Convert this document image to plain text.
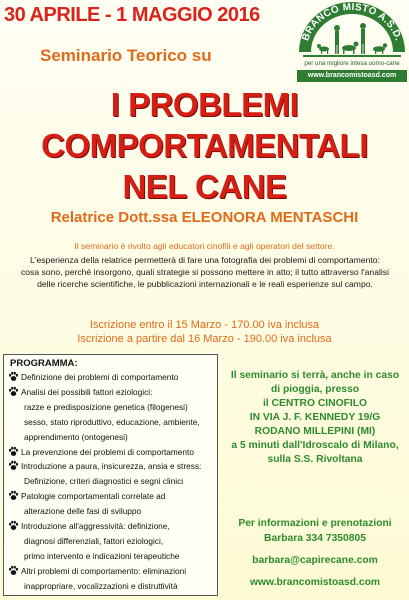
30 APRILE - 1 MAGGIO 2016
Seminario Teorico su
BRANCO MISTO A.S.D.
per una migliore intesa uomo-cane
www.brancomistoasd.com
I PROBLEMI
COMPORTAMENTALI
NEL CANE
Relatrice Dott.ssa ELEONORA MENTASCHI
Il seminario è rivolto agli educatori cinofili e agli operatori del settore.
L'esperienza della relatrice permetterà di fare una fotografia dei problemi di comportamento: cosa sono, perché insorgono, quali strategie si possono mettere in atto; il tutto attraverso l'analisi delle ricerche scientifiche, le pubblicazioni internazionali e le reali esperienze sul campo.
Iscrizione entro il 15 Marzo - 170.00 iva inclusa
Iscrizione a partire dal 16 Marzo - 190.00 iva inclusa
PROGRAMMA:
Definizione dei problemi di comportamento
Analisi dei possibili fattori eziologici:
razze e predisposizione genetica (filogenesi)
sesso, stato riproduttivo, educazione, ambiente,
apprendimento (ontogenesi)
La prevenzione dei problemi di comportamento
Introduzione a paura, insicurezza, ansia e stress:
Definizione, criteri diagnostici e segni clinici
Patologie comportamentali correlate ad
alterazione delle fasi di sviluppo
Introduzione all'aggressività: definizione,
diagnosi differenziali, fattori eziologici,
primo intervento e indicazioni terapeutiche
Altri problemi di comportamento: eliminazioni
inappropriare, vocalizzazioni e distruttività
Il seminario si terrà, anche in caso
di pioggia, presso
il CENTRO CINOFILO
IN VIA J. F. KENNEDY 19/G
RODANO MILLEPINI (MI)
a 5 minuti dall'Idroscalo di Milano,
sulla S.S. Rivoltana
Per informazioni e prenotazioni
Barbara 334 7350805
barbara@capirecane.com
www.brancomistoasd.com
